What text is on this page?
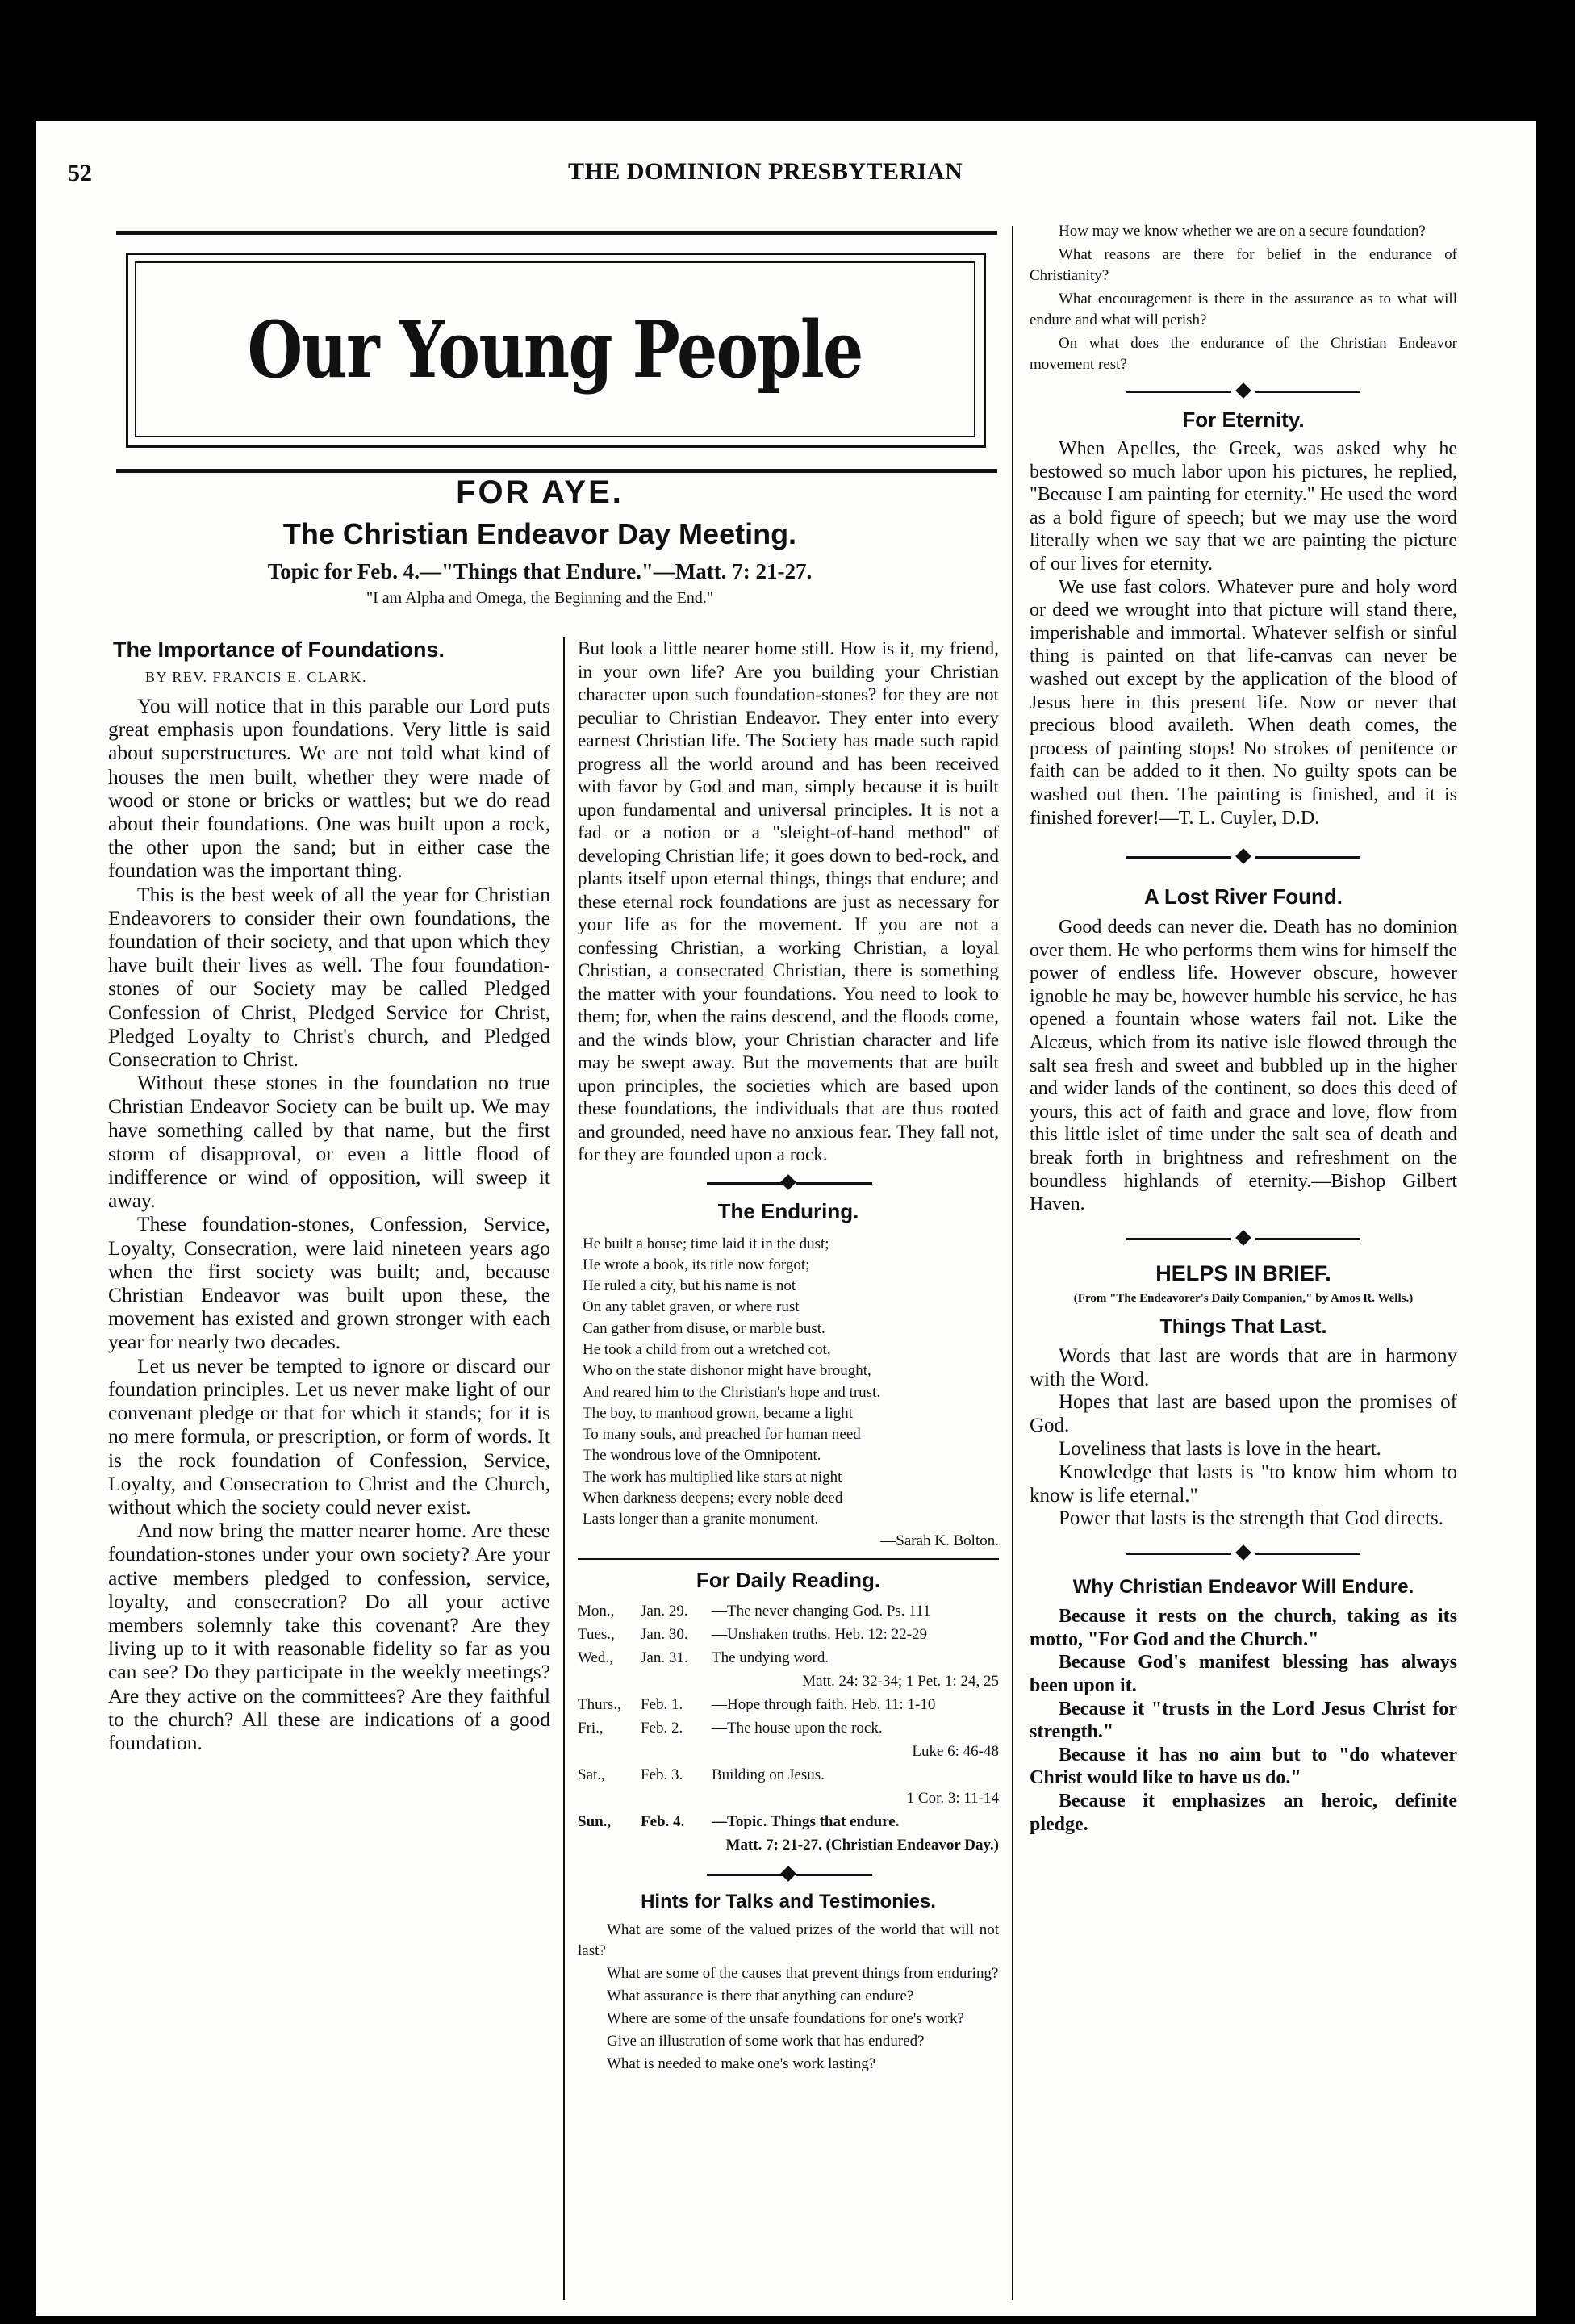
52	THE DOMINION PRESBYTERIAN
Our Young People

FOR AYE.

The Christian Endeavor Day Meeting.

Topic for Feb. 4.—"Things that Endure."—Matt. 7: 21-27.

"I am Alpha and Omega, the Beginning and the End."

The Importance of Foundations.

BY REV. FRANCIS E. CLARK.

You will notice that in this parable our Lord puts great emphasis upon foundations. Very little is said about superstructures. We are not told what kind of houses the men built, whether they were made of wood or stone or bricks or wattles; but we do read about their foundations. One was built upon a rock, the other upon the sand; but in either case the foundation was the important thing.

This is the best week of all the year for Christian Endeavorers to consider their own foundations, the foundation of their society, and that upon which they have built their lives as well. The four foundation-stones of our Society may be called Pledged Confession of Christ, Pledged Service for Christ, Pledged Loyalty to Christ's church, and Pledged Consecration to Christ.

Without these stones in the foundation no true Christian Endeavor Society can be built up. We may have something called by that name, but the first storm of disapproval, or even a little flood of indifference or wind of opposition, will sweep it away.

These foundation-stones, Confession, Service, Loyalty, Consecration, were laid nineteen years ago when the first society was built; and, because Christian Endeavor was built upon these, the movement has existed and grown stronger with each year for nearly two decades.

Let us never be tempted to ignore or discard our foundation principles. Let us never make light of our convenant pledge or that for which it stands; for it is no mere formula, or prescription, or form of words. It is the rock foundation of Confession, Service, Loyalty, and Consecration to Christ and the Church, without which the society could never exist.

And now bring the matter nearer home. Are these foundation-stones under your own society? Are your active members pledged to confession, service, loyalty, and consecration? Do all your active members solemnly take this covenant? Are they living up to it with reasonable fidelity so far as you can see? Do they participate in the weekly meetings? Are they active on the committees? Are they faithful to the church? All these are indications of a good foundation.

But look a little nearer home still. How is it, my friend, in your own life? Are you building your Christian character upon such foundation-stones? for they are not peculiar to Christian Endeavor. They enter into every earnest Christian life. The Society has made such rapid progress all the world around and has been received with favor by God and man, simply because it is built upon fundamental and universal principles. It is not a fad or a notion or a "sleight-of-hand method" of developing Christian life; it goes down to bed-rock, and plants itself upon eternal things, things that endure; and these eternal rock foundations are just as necessary for your life as for the movement. If you are not a confessing Christian, a working Christian, a loyal Christian, a consecrated Christian, there is something the matter with your foundations. You need to look to them; for, when the rains descend, and the floods come, and the winds blow, your Christian character and life may be swept away. But the movements that are built upon principles, the societies which are based upon these foundations, the individuals that are thus rooted and grounded, need have no anxious fear. They fall not, for they are founded upon a rock.

The Enduring.

He built a house; time laid it in the dust;
He wrote a book, its title now forgot;
He ruled a city, but his name is not
On any tablet graven, or where rust
Can gather from disuse, or marble bust.
He took a child from out a wretched cot,
Who on the state dishonor might have brought,
And reared him to the Christian's hope and trust.
The boy, to manhood grown, became a light
To many souls, and preached for human need
The wondrous love of the Omnipotent.
The work has multiplied like stars at night
When darkness deepens; every noble deed
Lasts longer than a granite monument.
—Sarah K. Bolton.

For Daily Reading.

Mon.,	Jan. 29.	—The never changing God. Ps. 111
Tues.,	Jan. 30.	—Unshaken truths. Heb. 12: 22-29
Wed.,	Jan. 31.	The undying word.
		Matt. 24: 32-34; 1 Pet. 1: 24, 25
Thurs.,	Feb. 1.	—Hope through faith. Heb. 11: 1-10
Fri.,	Feb. 2.	—The house upon the rock.
		Luke 6: 46-48
Sat.,	Feb. 3.	Building on Jesus.
		1 Cor. 3: 11-14
Sun.,	Feb. 4.	—Topic. Things that endure.
		Matt. 7: 21-27. (Christian Endeavor Day.)

Hints for Talks and Testimonies.

What are some of the valued prizes of the world that will not last?

What are some of the causes that prevent things from enduring?

What assurance is there that anything can endure?

Where are some of the unsafe foundations for one's work?

Give an illustration of some work that has endured?

What is needed to make one's work lasting?

How may we know whether we are on a secure foundation?

What reasons are there for belief in the endurance of Christianity?

What encouragement is there in the assurance as to what will endure and what will perish?

On what does the endurance of the Christian Endeavor movement rest?

For Eternity.

When Apelles, the Greek, was asked why he bestowed so much labor upon his pictures, he replied, "Because I am painting for eternity." He used the word as a bold figure of speech; but we may use the word literally when we say that we are painting the picture of our lives for eternity.

We use fast colors. Whatever pure and holy word or deed we wrought into that picture will stand there, imperishable and immortal. Whatever selfish or sinful thing is painted on that life-canvas can never be washed out except by the application of the blood of Jesus here in this present life. Now or never that precious blood availeth. When death comes, the process of painting stops! No strokes of penitence or faith can be added to it then. No guilty spots can be washed out then. The painting is finished, and it is finished forever!—T. L. Cuyler, D.D.

A Lost River Found.

Good deeds can never die. Death has no dominion over them. He who performs them wins for himself the power of endless life. However obscure, however ignoble he may be, however humble his service, he has opened a fountain whose waters fail not. Like the Alcæus, which from its native isle flowed through the salt sea fresh and sweet and bubbled up in the higher and wider lands of the continent, so does this deed of yours, this act of faith and grace and love, flow from this little islet of time under the salt sea of death and break forth in brightness and refreshment on the boundless highlands of eternity.—Bishop Gilbert Haven.

HELPS IN BRIEF.

(From "The Endeavorer's Daily Companion," by Amos R. Wells.)

Things That Last.

Words that last are words that are in harmony with the Word.

Hopes that last are based upon the promises of God.

Loveliness that lasts is love in the heart.

Knowledge that lasts is "to know him whom to know is life eternal."

Power that lasts is the strength that God directs.

Why Christian Endeavor Will Endure.

Because it rests on the church, taking as its motto, "For God and the Church."

Because God's manifest blessing has always been upon it.

Because it "trusts in the Lord Jesus Christ for strength."

Because it has no aim but to "do whatever Christ would like to have us do."

Because it emphasizes an heroic, definite pledge.
